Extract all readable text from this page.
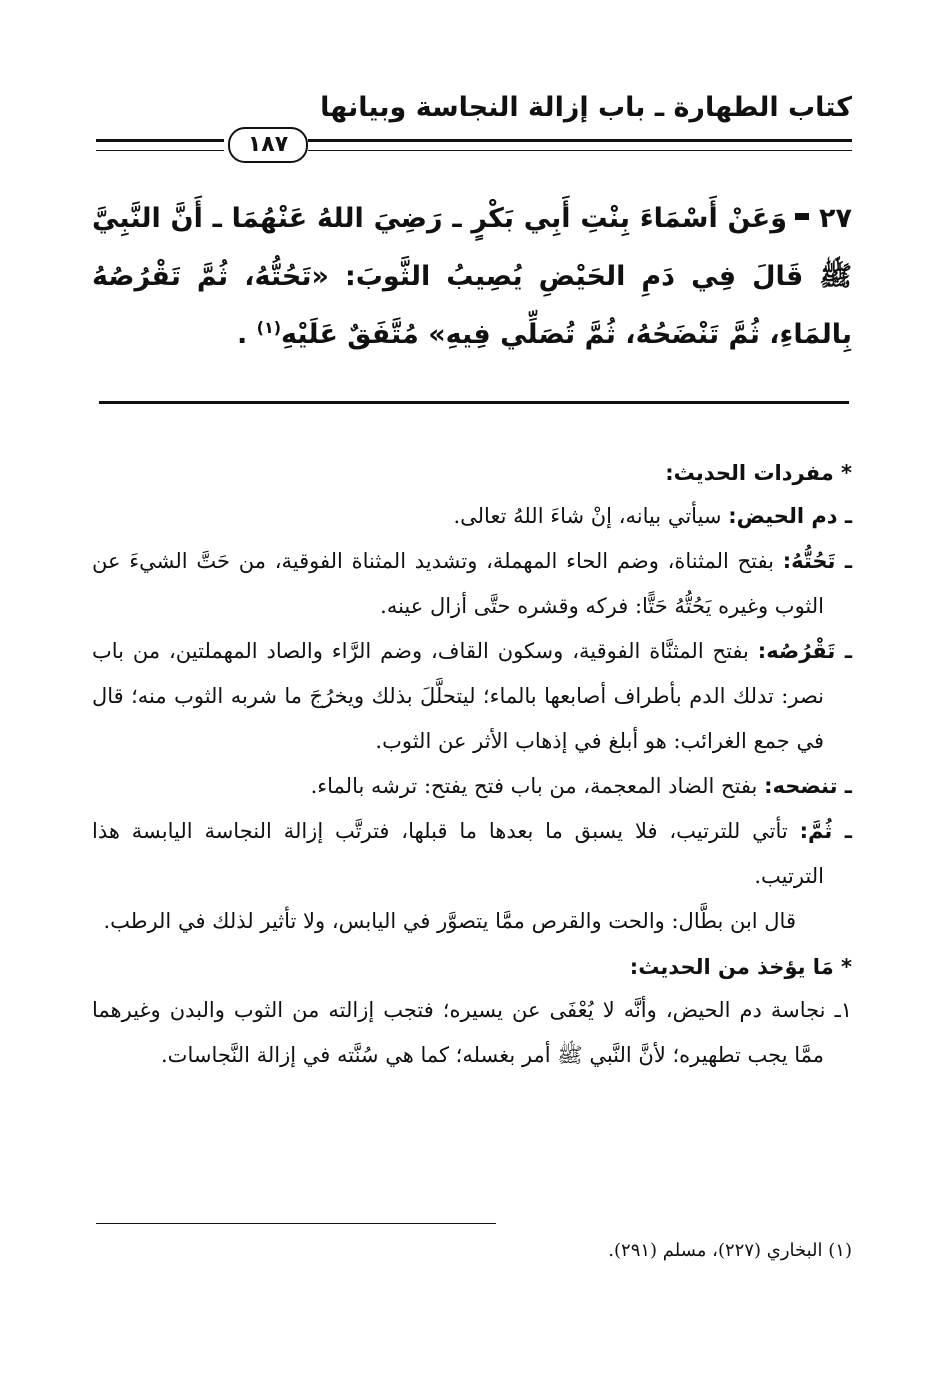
كتاب الطهارة ـ باب إزالة النجاسة وبيانها
١٨٧
٢٧وَعَنْ أَسْمَاءَ بِنْتِ أَبِي بَكْرٍ ـ رَضِيَ اللهُ عَنْهُمَا ـ أَنَّ النَّبِيَّ ﷺ قَالَ فِي دَمِ الحَيْضِ يُصِيبُ الثَّوبَ: «تَحُتُّهُ، ثُمَّ تَقْرُصُهُ بِالمَاءِ، ثُمَّ تَنْضَحُهُ، ثُمَّ تُصَلِّي فِيهِ» مُتَّفَقٌ عَلَيْهِ$^{(١)}$ .

* مفردات الحديث:

ـ دم الحيض: سيأتي بيانه، إنْ شاءَ اللهُ تعالى.

ـ تَحُتُّهُ: بفتح المثناة، وضم الحاء المهملة، وتشديد المثناة الفوقية، من حَتَّ الشيءَ عن الثوب وغيره يَحُتُّهُ حَتًّا: فركه وقشره حتَّى أزال عينه.

ـ تَقْرُصُه: بفتح المثنَّاة الفوقية، وسكون القاف، وضم الرَّاء والصاد المهملتين، من باب نصر: تدلك الدم بأطراف أصابعها بالماء؛ ليتحلَّلَ بذلك ويخرُجَ ما شربه الثوب منه؛ قال في جمع الغرائب: هو أبلغ في إذهاب الأثر عن الثوب.

ـ تنضحه: بفتح الضاد المعجمة، من باب فتح يفتح: ترشه بالماء.

ـ ثُمَّ: تأتي للترتيب، فلا يسبق ما بعدها ما قبلها، فترتَّب إزالة النجاسة اليابسة هذا الترتيب.

قال ابن بطَّال: والحت والقرص ممَّا يتصوَّر في اليابس، ولا تأثير لذلك في الرطب.

* مَا يؤخذ من الحديث:

١ـ نجاسة دم الحيض، وأنَّه لا يُعْفَى عن يسيره؛ فتجب إزالته من الثوب والبدن وغيرهما ممَّا يجب تطهيره؛ لأنَّ النَّبي ﷺ أمر بغسله؛ كما هي سُنَّته في إزالة النَّجاسات.

(١) البخاري (٢٢٧)، مسلم (٢٩١).
